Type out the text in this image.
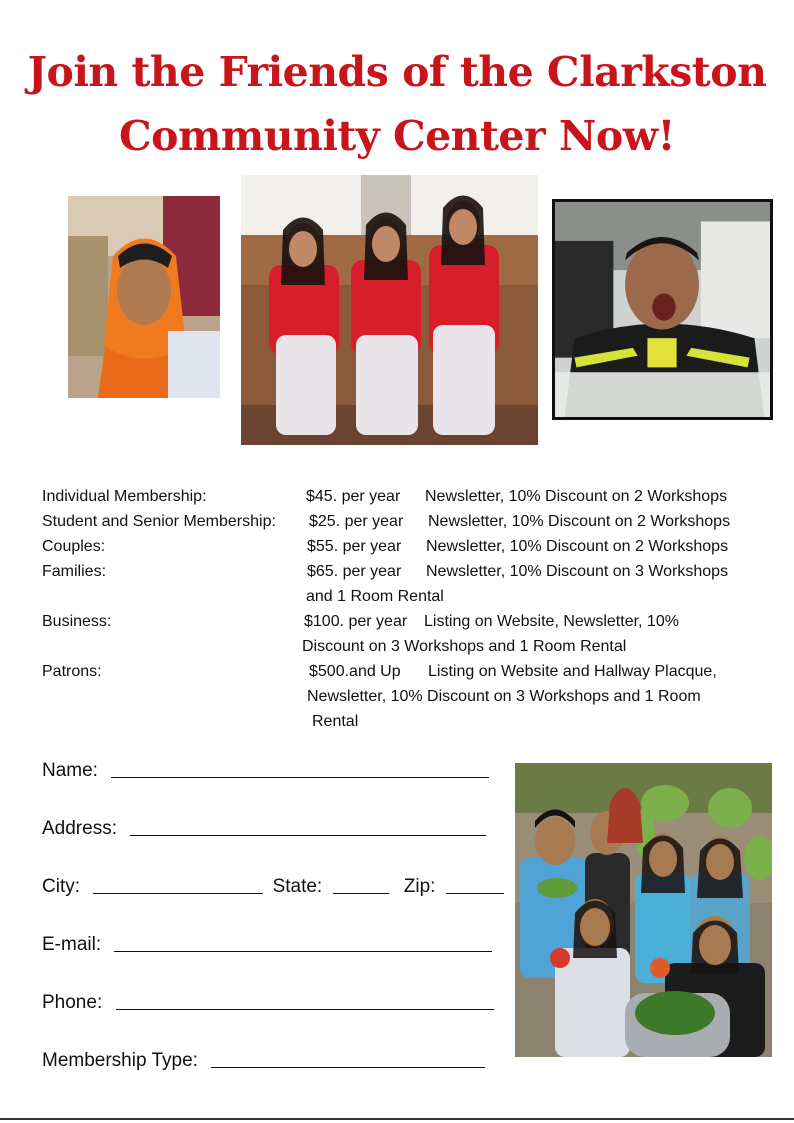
Join the Friends of the Clarkston
Community Center Now!
Individual Membership:	$45. per year Newsletter, 10% Discount on 2 Workshops
Student and Senior Membership: $25. per year Newsletter, 10% Discount on 2 Workshops
Couples:	$55. per year Newsletter, 10% Discount on 2 Workshops
Families:	$65. per year Newsletter, 10% Discount on 3 Workshops
and 1 Room Rental
Business:	$100. per year Listing on Website, Newsletter, 10%
Discount on 3 Workshops and 1 Room Rental
Patrons:	$500.and Up Listing on Website and Hallway Placque,
Newsletter, 10% Discount on 3 Workshops and 1 Room
Rental
Name:
Address:
City:	State:	Zip:
E-mail:
Phone:
Membership Type:
